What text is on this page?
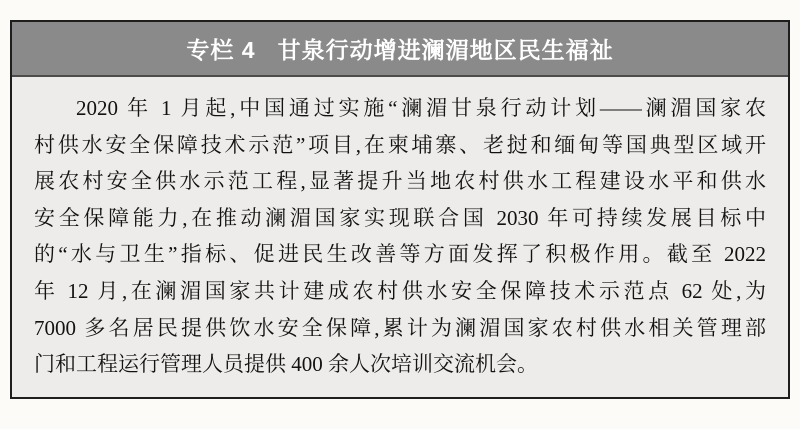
专栏 4 甘泉行动增进澜湄地区民生福祉

2020 年 1 月起,中国通过实施“澜湄甘泉行动计划——澜湄国家农

村供水安全保障技术示范”项目,在柬埔寨、老挝和缅甸等国典型区域开

展农村安全供水示范工程,显著提升当地农村供水工程建设水平和供水

安全保障能力,在推动澜湄国家实现联合国 2030 年可持续发展目标中

的“水与卫生”指标、促进民生改善等方面发挥了积极作用。截至 2022

年 12 月,在澜湄国家共计建成农村供水安全保障技术示范点 62 处,为

7000 多名居民提供饮水安全保障,累计为澜湄国家农村供水相关管理部

门和工程运行管理人员提供 400 余人次培训交流机会。
